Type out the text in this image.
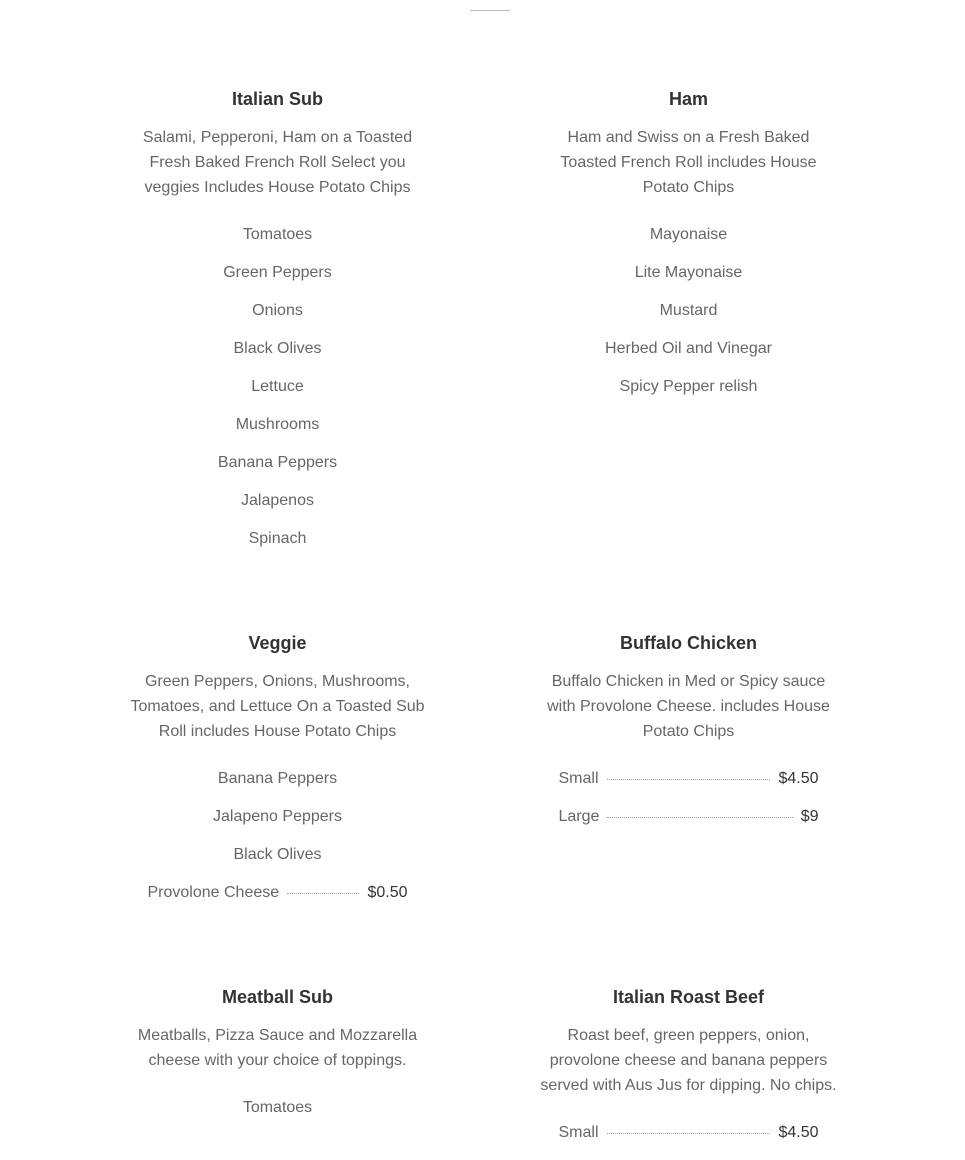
Italian Sub

Salami, Pepperoni, Ham on a Toasted Fresh Baked French Roll Select you veggies Includes House Potato Chips

Tomatoes
Green Peppers
Onions
Black Olives
Lettuce
Mushrooms
Banana Peppers
Jalapenos
Spinach
Ham

Ham and Swiss on a Fresh Baked Toasted French Roll includes House Potato Chips

Mayonaise
Lite Mayonaise
Mustard
Herbed Oil and Vinegar
Spicy Pepper relish
Veggie

Green Peppers, Onions, Mushrooms, Tomatoes, and Lettuce On a Toasted Sub Roll includes House Potato Chips

Banana Peppers
Jalapeno Peppers
Black Olives
Provolone Cheese	$0.50
Buffalo Chicken

Buffalo Chicken in Med or Spicy sauce with Provolone Cheese. includes House Potato Chips

Small	$4.50
Large	$9
Meatball Sub

Meatballs, Pizza Sauce and Mozzarella cheese with your choice of toppings.

Tomatoes
Italian Roast Beef

Roast beef, green peppers, onion, provolone cheese and banana peppers served with Aus Jus for dipping. No chips.

Small	$4.50
